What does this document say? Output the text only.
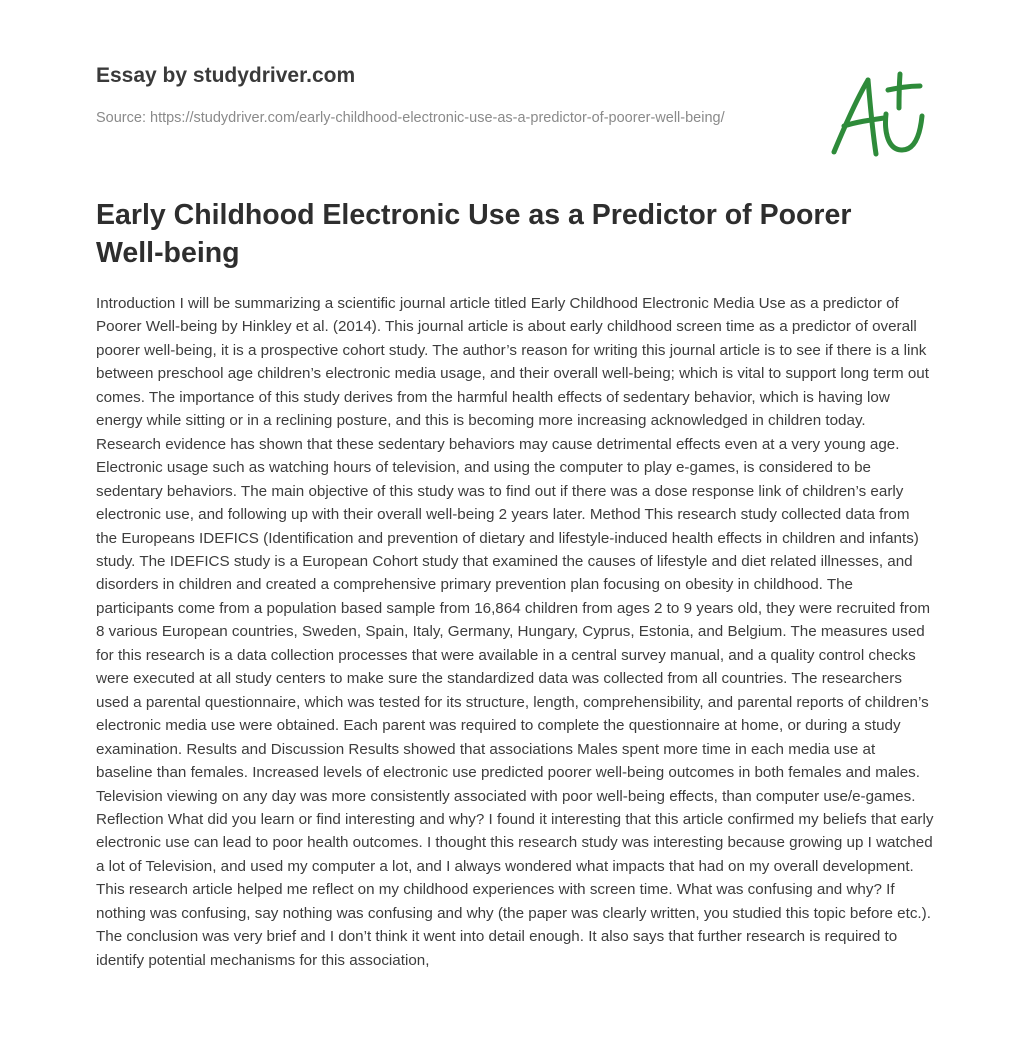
Essay by studydriver.com
Source: https://studydriver.com/early-childhood-electronic-use-as-a-predictor-of-poorer-well-being/
Early Childhood Electronic Use as a Predictor of Poorer Well-being

Introduction I will be summarizing a scientific journal article titled Early Childhood Electronic Media Use as a predictor of Poorer Well-being by Hinkley et al. (2014). This journal article is about early childhood screen time as a predictor of overall poorer well-being, it is a prospective cohort study. The author’s reason for writing this journal article is to see if there is a link between preschool age children’s electronic media usage, and their overall well-being; which is vital to support long term out comes. The importance of this study derives from the harmful health effects of sedentary behavior, which is having low energy while sitting or in a reclining posture, and this is becoming more increasing acknowledged in children today. Research evidence has shown that these sedentary behaviors may cause detrimental effects even at a very young age. Electronic usage such as watching hours of television, and using the computer to play e-games, is considered to be sedentary behaviors. The main objective of this study was to find out if there was a dose response link of children’s early electronic use, and following up with their overall well-being 2 years later. Method This research study collected data from the Europeans IDEFICS (Identification and prevention of dietary and lifestyle-induced health effects in children and infants) study. The IDEFICS study is a European Cohort study that examined the causes of lifestyle and diet related illnesses, and disorders in children and created a comprehensive primary prevention plan focusing on obesity in childhood. The participants come from a population based sample from 16,864 children from ages 2 to 9 years old, they were recruited from 8 various European countries, Sweden, Spain, Italy, Germany, Hungary, Cyprus, Estonia, and Belgium. The measures used for this research is a data collection processes that were available in a central survey manual, and a quality control checks were executed at all study centers to make sure the standardized data was collected from all countries. The researchers used a parental questionnaire, which was tested for its structure, length, comprehensibility, and parental reports of children’s electronic media use were obtained. Each parent was required to complete the questionnaire at home, or during a study examination. Results and Discussion Results showed that associations Males spent more time in each media use at baseline than females. Increased levels of electronic use predicted poorer well-being outcomes in both females and males. Television viewing on any day was more consistently associated with poor well-being effects, than computer use/e-games. Reflection What did you learn or find interesting and why? I found it interesting that this article confirmed my beliefs that early electronic use can lead to poor health outcomes. I thought this research study was interesting because growing up I watched a lot of Television, and used my computer a lot, and I always wondered what impacts that had on my overall development. This research article helped me reflect on my childhood experiences with screen time. What was confusing and why? If nothing was confusing, say nothing was confusing and why (the paper was clearly written, you studied this topic before etc.). The conclusion was very brief and I don’t think it went into detail enough. It also says that further research is required to identify potential mechanisms for this association,
